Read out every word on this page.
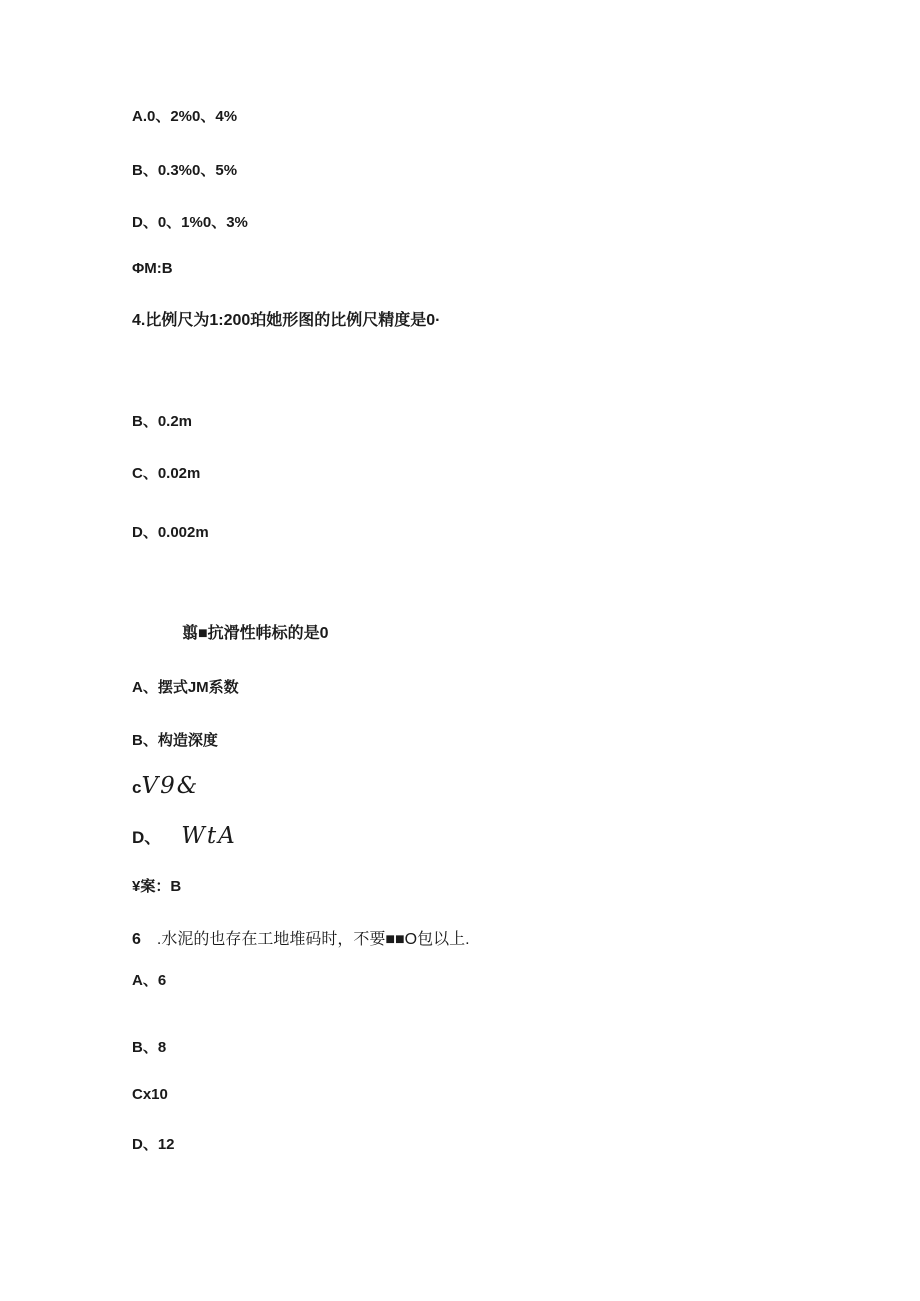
A.0、2%0、4%
B、0.3%0、5%
D、0、1%0、3%
ΦM:B
4.比例尺为1:200珀她形图的比例尺精度是0·
B、0.2m
C、0.02m
D、0.002m
翦■抗滑性帏标的是0
A、摆式JM系数
B、构造深度
cV9&
D、 WtA
¥案：B
6 .水泥的也存在工地堆码时，不要■■O包以上.
A、6
B、8
Cx10
D、12
